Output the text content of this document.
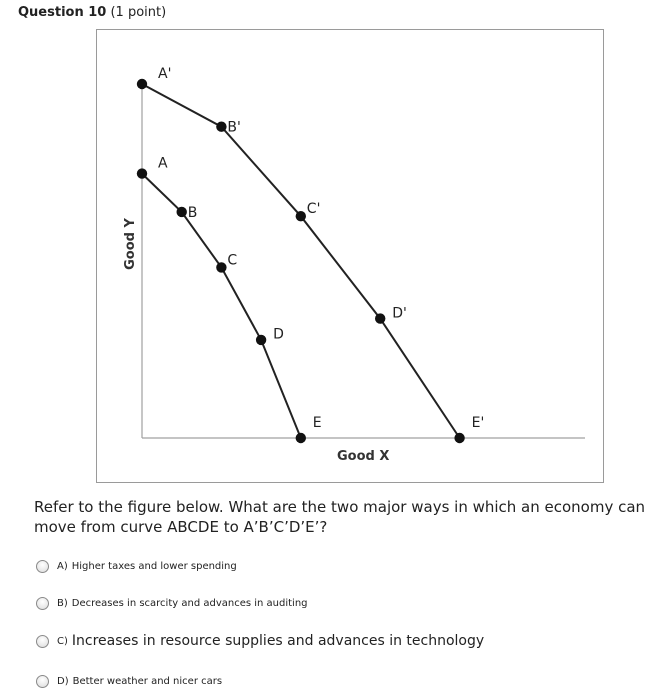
Question 10 (1 point)
Good X
Good Y
A
B
C
D
E
A'
B'
C'
D'
E'
Refer to the figure below. What are the two major ways in which an economy can
move from curve ABCDE to A’B’C’D’E’?
A) Higher taxes and lower spending
B) Decreases in scarcity and advances in auditing
C) Increases in resource supplies and advances in technology
D) Better weather and nicer cars
